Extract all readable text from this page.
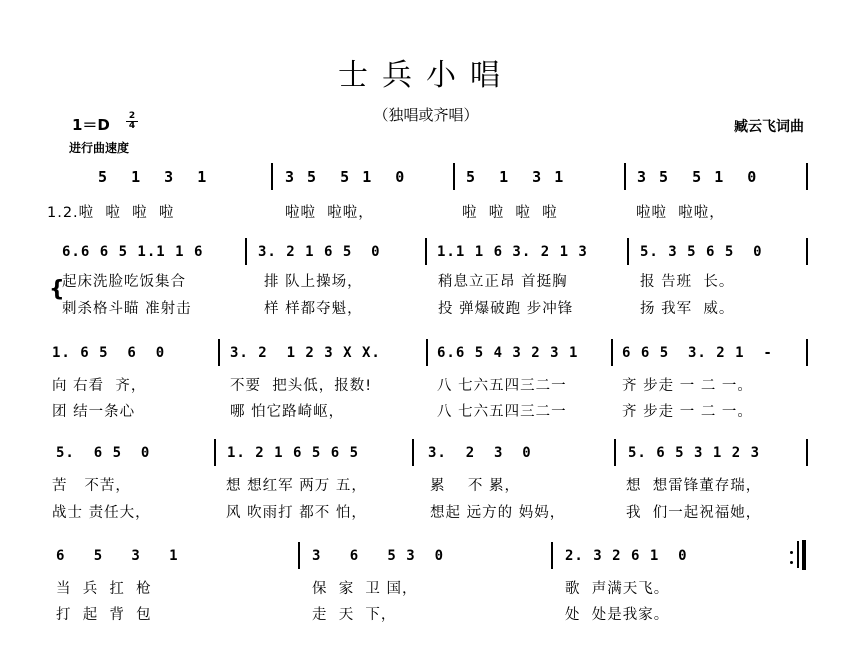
士兵小唱
（独唱或齐唱）
臧云飞词曲
1＝D	2
4
进行曲速度
5  1  3  1	3 5  5 1  0	5  1  3 1	3 5  5 1  0
1.2.啦  啦  啦  啦	啦啦  啦啦，	啦  啦  啦  啦	啦啦  啦啦，
6.6 6 5 1.1 1 6	3. 2 1 6 5  0	1.1 1 6 3. 2 1 3	5. 3 5 6 5  0
{
起床洗脸吃饭集合	排 队上操场，	稍息立正昂 首挺胸	报 告班  长。
刺杀格斗瞄 准射击	样 样都夺魁，	投 弹爆破跑 步冲锋	扬 我军  威。
1. 6 5  6  0	3. 2  1 2 3 X X.	6.6 5 4 3 2 3 1	6 6 5  3. 2 1  -
向 右看  齐，	不要  把头低，报数!	八 七六五四三二一	齐 步走 一 二 一。
团 结一条心	哪 怕它路崎岖，	八 七六五四三二一	齐 步走 一 二 一。
5.  6 5  0	1. 2 1 6 5 6 5	3.  2  3  0	5. 6 5 3 1 2 3
苦   不苦，	想 想红军 两万 五，	累    不 累，	想  想雷锋董存瑞，
战士 责任大，	风 吹雨打 都不 怕，	想起 远方的 妈妈，	我  们一起祝福她，
6   5   3   1	3   6   5 3  0	2. 3 2 6 1  0
当  兵  扛  枪	保  家  卫 国，	歌  声满天飞。
打  起  背  包	走  天  下，	处  处是我家。
